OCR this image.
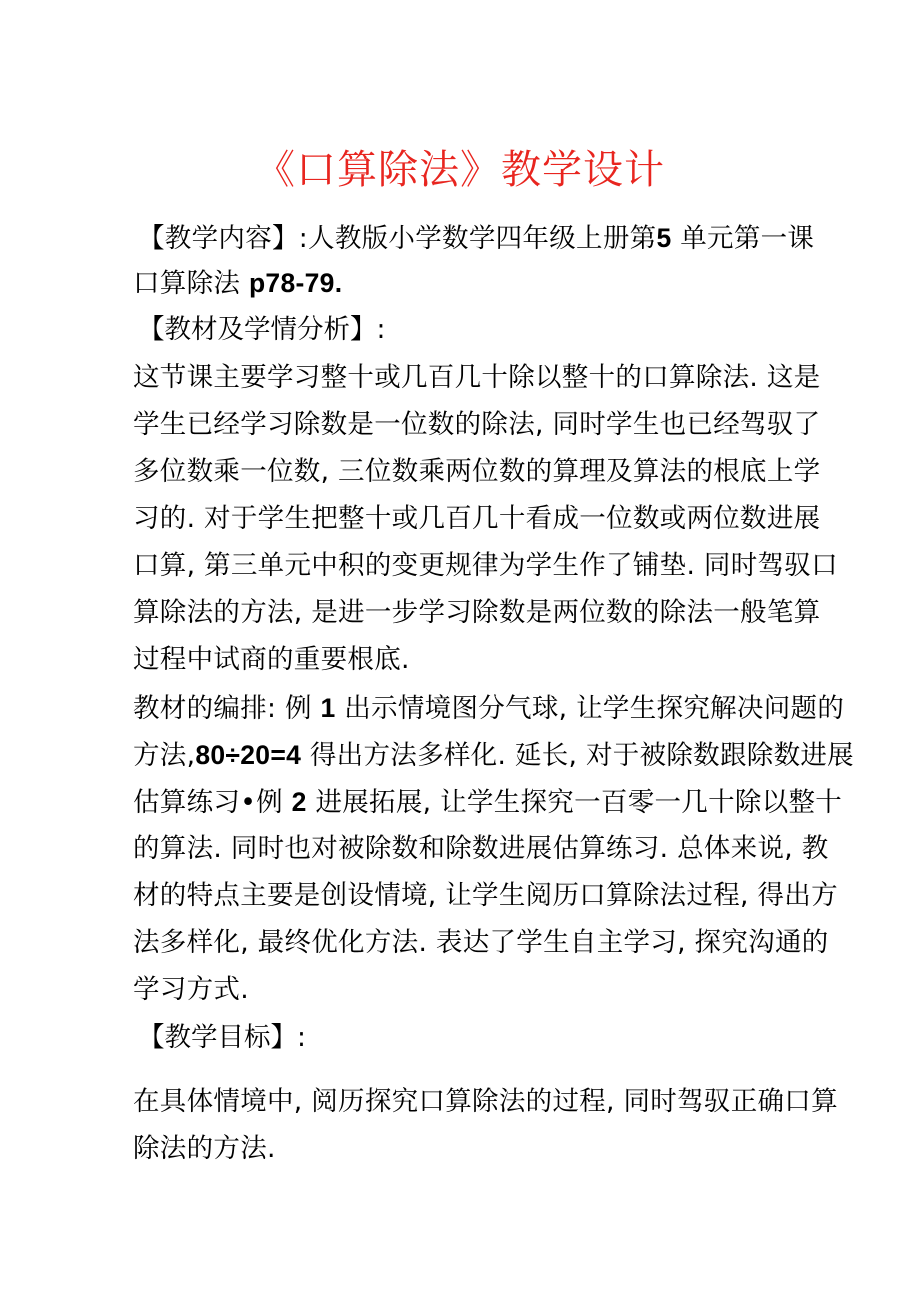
《口算除法》教学设计
【教学内容】:人教版小学数学四年级上册第5 单元第一课
口算除法 p78-79.
【教材及学情分析】:
这节课主要学习整十或几百几十除以整十的口算除法. 这是
学生已经学习除数是一位数的除法, 同时学生也已经驾驭了
多位数乘一位数, 三位数乘两位数的算理及算法的根底上学
习的. 对于学生把整十或几百几十看成一位数或两位数进展
口算, 第三单元中积的变更规律为学生作了铺垫. 同时驾驭口
算除法的方法, 是进一步学习除数是两位数的除法一般笔算
过程中试商的重要根底.
教材的编排: 例 1 出示情境图分气球, 让学生探究解决问题的
方法,80÷20=4 得出方法多样化. 延长, 对于被除数跟除数进展
估算练习•例 2 进展拓展, 让学生探究一百零一几十除以整十
的算法. 同时也对被除数和除数进展估算练习. 总体来说, 教
材的特点主要是创设情境, 让学生阅历口算除法过程, 得出方
法多样化, 最终优化方法. 表达了学生自主学习, 探究沟通的
学习方式.
【教学目标】:
在具体情境中, 阅历探究口算除法的过程, 同时驾驭正确口算
除法的方法.
